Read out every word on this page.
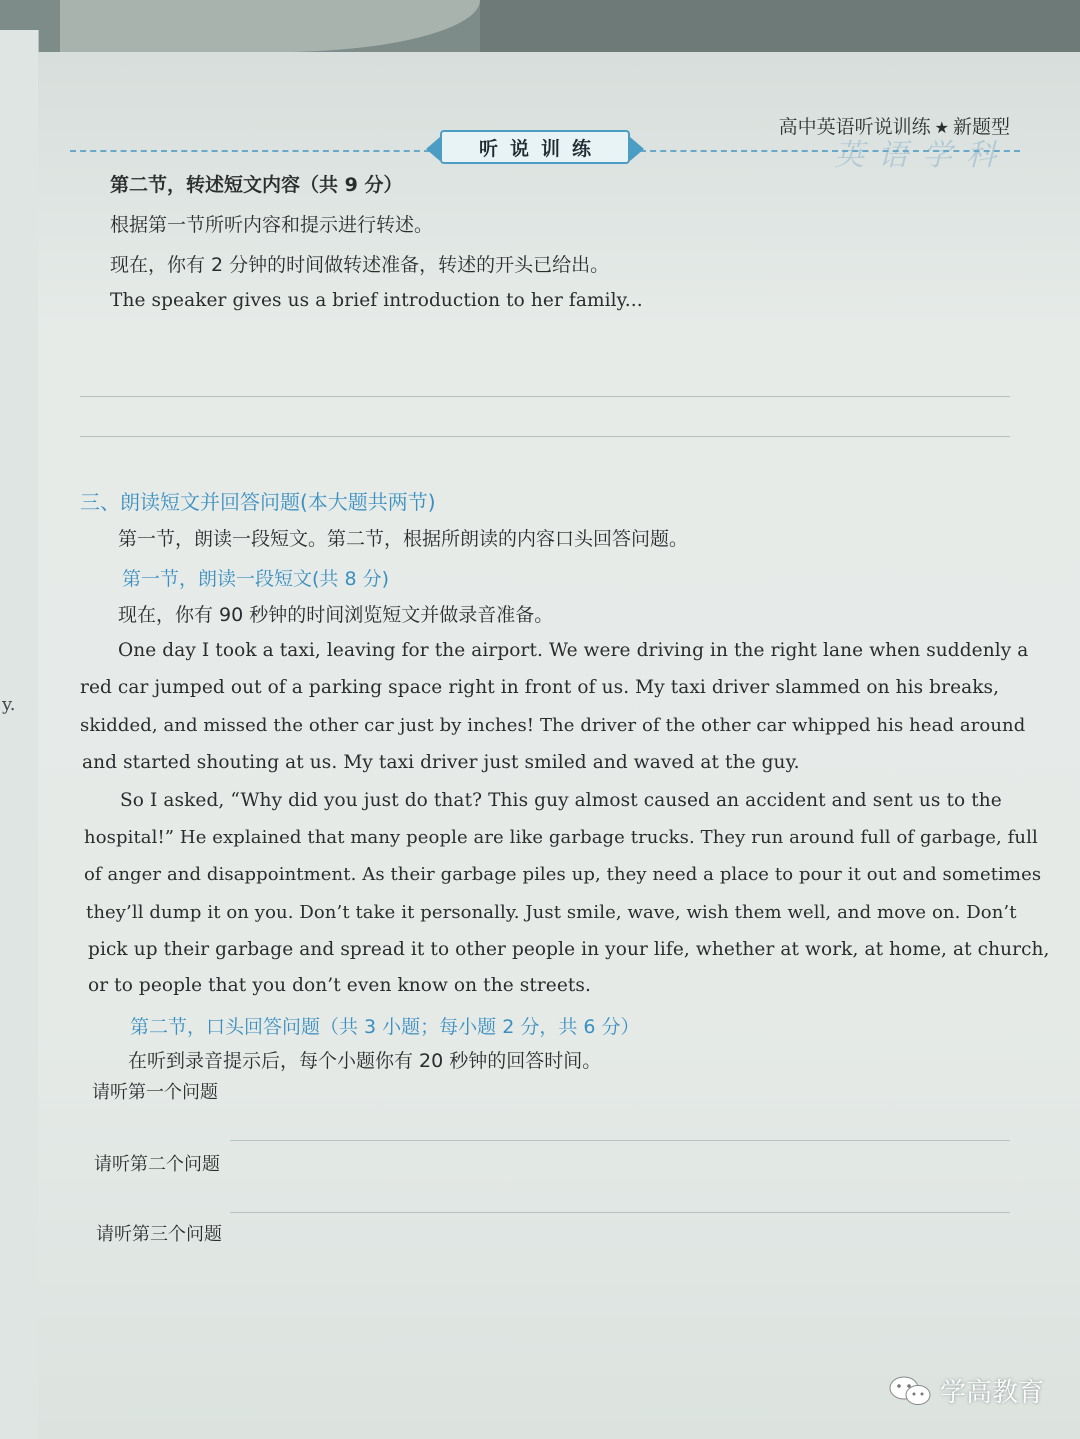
y.
英语学科
高中英语听说训练 ★ 新题型
听说训练
第二节，转述短文内容（共 9 分）
根据第一节所听内容和提示进行转述。
现在，你有 2 分钟的时间做转述准备，转述的开头已给出。
The speaker gives us a brief introduction to her family...
三、朗读短文并回答问题(本大题共两节)
第一节，朗读一段短文。第二节，根据所朗读的内容口头回答问题。
第一节，朗读一段短文(共 8 分)
现在，你有 90 秒钟的时间浏览短文并做录音准备。
One day I took a taxi, leaving for the airport. We were driving in the right lane when suddenly a
red car jumped out of a parking space right in front of us. My taxi driver slammed on his breaks,
skidded, and missed the other car just by inches! The driver of the other car whipped his head around
and started shouting at us. My taxi driver just smiled and waved at the guy.
So I asked, “Why did you just do that? This guy almost caused an accident and sent us to the
hospital!” He explained that many people are like garbage trucks. They run around full of garbage, full
of anger and disappointment. As their garbage piles up, they need a place to pour it out and sometimes
they’ll dump it on you. Don’t take it personally. Just smile, wave, wish them well, and move on. Don’t
pick up their garbage and spread it to other people in your life, whether at work, at home, at church,
or to people that you don’t even know on the streets.
第二节，口头回答问题（共 3 小题；每小题 2 分，共 6 分）
在听到录音提示后，每个小题你有 20 秒钟的回答时间。
请听第一个问题
请听第二个问题
请听第三个问题
学高教育
